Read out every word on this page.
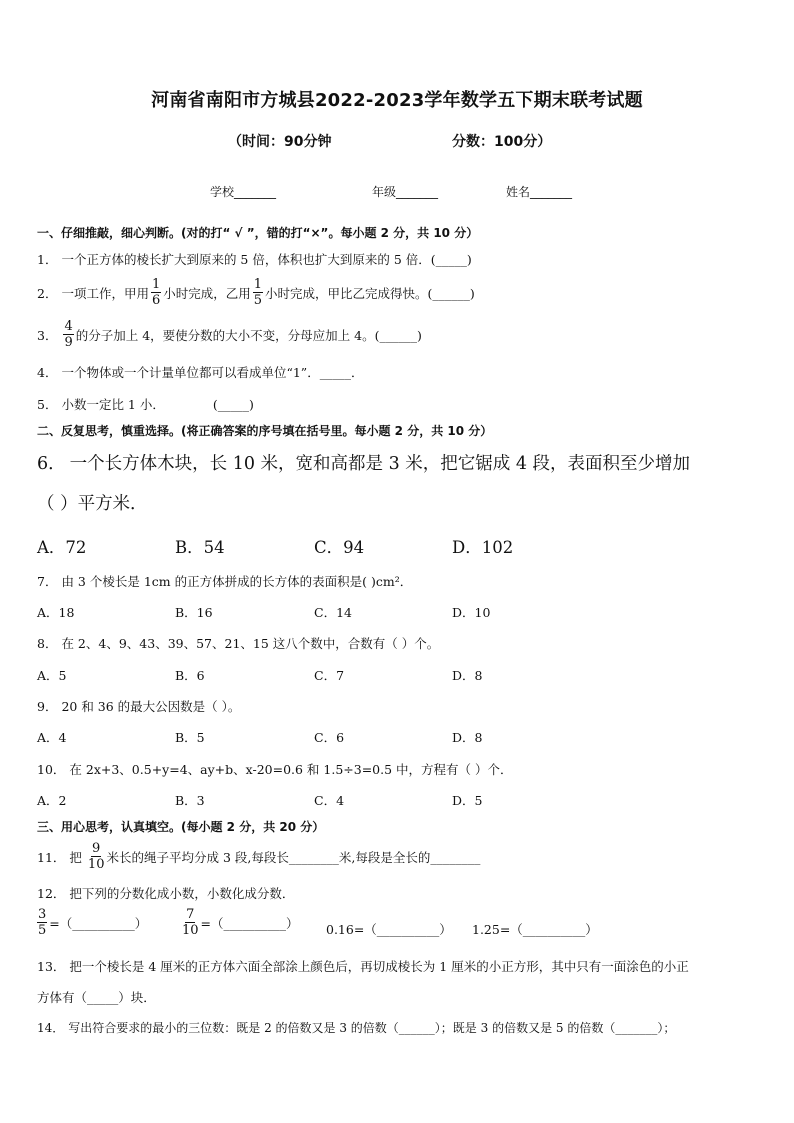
河南省南阳市方城县2022-2023学年数学五下期末联考试题
（时间：90分钟	分数：100分）
学校_______	年级_______	姓名_______
一、仔细推敲，细心判断。(对的打“ √ ”，错的打“×”。每小题 2 分，共 10 分）
1． 一个正方体的棱长扩大到原来的 5 倍，体积也扩大到原来的 5 倍．(_____)
2． 一项工作，甲用 $\frac{1}{6}$ 小时完成，乙用 $\frac{1}{5}$ 小时完成，甲比乙完成得快。(______)
3． $\frac{4}{9}$ 的分子加上 4，要使分数的大小不变，分母应加上 4。(______)
4． 一个物体或一个计量单位都可以看成单位“1”．_____．
5． 小数一定比 1 小．	(_____)
二、反复思考，慎重选择。(将正确答案的序号填在括号里。每小题 2 分，共 10 分）
6． 一个长方体木块，长 10 米，宽和高都是 3 米，把它锯成 4 段，表面积至少增加
（ ）平方米．
A．72	B．54	C．94	D．102
7． 由 3 个棱长是 1cm 的正方体拼成的长方体的表面积是( )cm²．
A．18	B．16	C．14	D．10
8． 在 2、4、9、43、39、57、21、15 这八个数中，合数有（ ）个。
A．5	B．6	C．7	D．8
9． 20 和 36 的最大公因数是（ ）。
A．4	B．5	C．6	D．8
10． 在 2x+3、0.5+y=4、ay+b、x-20=0.6 和 1.5÷3=0.5 中，方程有（ ）个．
A．2	B．3	C．4	D．5
三、用心思考，认真填空。(每小题 2 分，共 20 分）
11． 把 $\frac{9}{10}$ 米长的绳子平均分成 3 段,每段长________米,每段是全长的________
12． 把下列的分数化成小数，小数化成分数．
$\frac{3}{5}$ =（__________）	$\frac{7}{10}$ =（__________） 0.16=（__________） 1.25=（__________）
13． 把一个棱长是 4 厘米的正方体六面全部涂上颜色后，再切成棱长为 1 厘米的小正方形，其中只有一面涂色的小正
方体有（_____）块．
14． 写出符合要求的最小的三位数：既是 2 的倍数又是 3 的倍数（______）；既是 3 的倍数又是 5 的倍数（_______）；
